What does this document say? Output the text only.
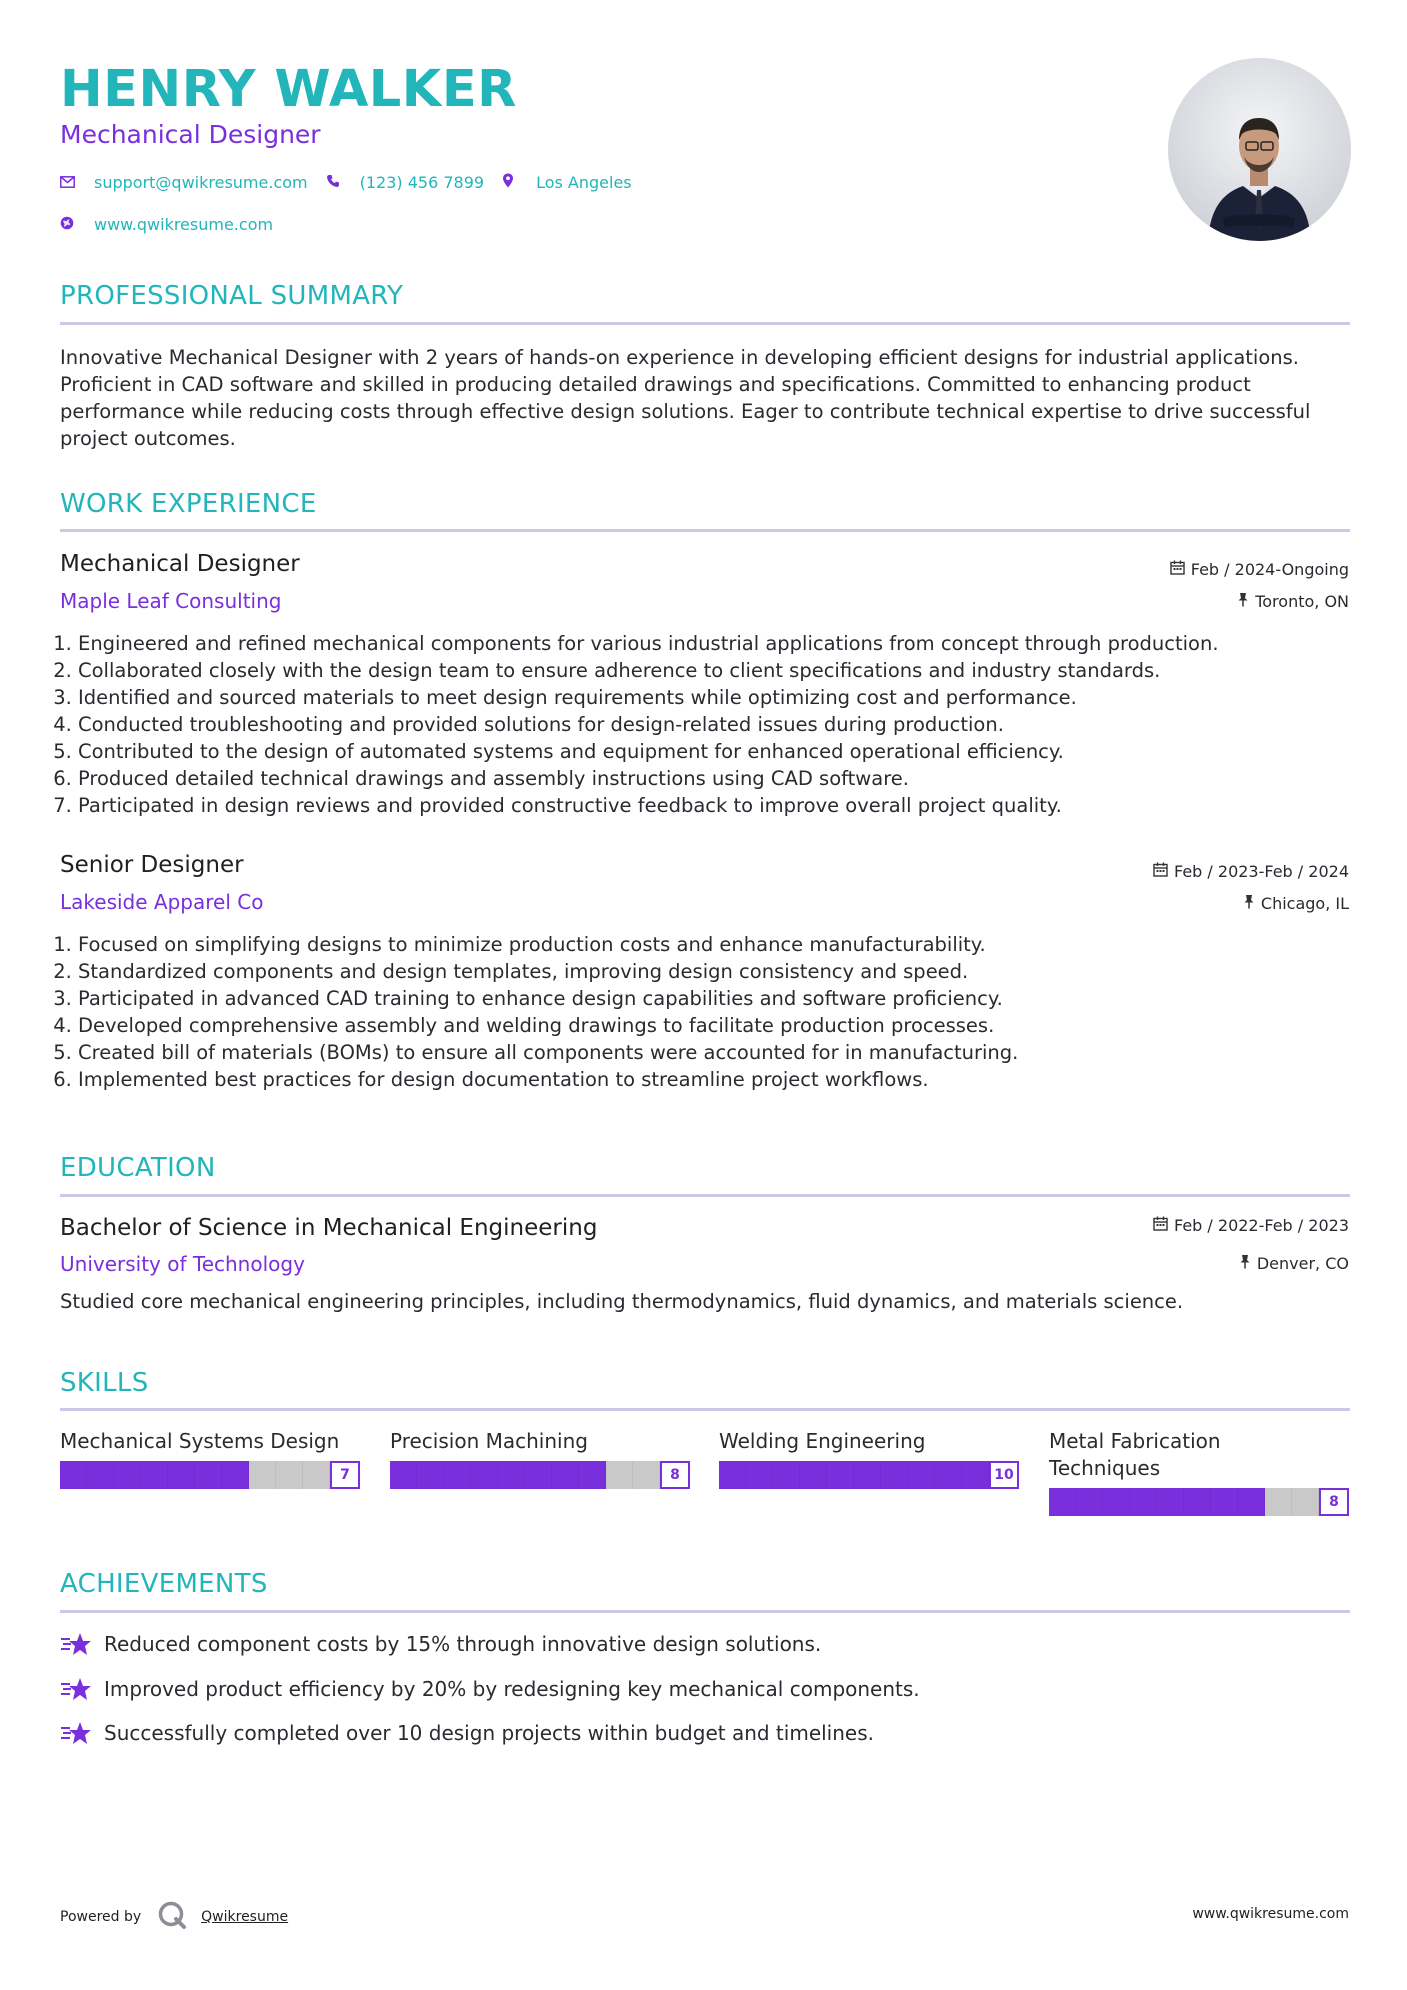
HENRY WALKER
Mechanical Designer
support@qwikresume.com	(123) 456 7899	Los Angeles
www.qwikresume.com
PROFESSIONAL SUMMARY

Innovative Mechanical Designer with 2 years of hands-on experience in developing efficient designs for industrial applications. Proficient in CAD software and skilled in producing detailed drawings and specifications. Committed to enhancing product performance while reducing costs through effective design solutions. Eager to contribute technical expertise to drive successful project outcomes.

WORK EXPERIENCE
Mechanical Designer	Feb / 2024-Ongoing
Maple Leaf Consulting	Toronto, ON
1. Engineered and refined mechanical components for various industrial applications from concept through production.
2. Collaborated closely with the design team to ensure adherence to client specifications and industry standards.
3. Identified and sourced materials to meet design requirements while optimizing cost and performance.
4. Conducted troubleshooting and provided solutions for design-related issues during production.
5. Contributed to the design of automated systems and equipment for enhanced operational efficiency.
6. Produced detailed technical drawings and assembly instructions using CAD software.
7. Participated in design reviews and provided constructive feedback to improve overall project quality.
Senior Designer	Feb / 2023-Feb / 2024
Lakeside Apparel Co	Chicago, IL
1. Focused on simplifying designs to minimize production costs and enhance manufacturability.
2. Standardized components and design templates, improving design consistency and speed.
3. Participated in advanced CAD training to enhance design capabilities and software proficiency.
4. Developed comprehensive assembly and welding drawings to facilitate production processes.
5. Created bill of materials (BOMs) to ensure all components were accounted for in manufacturing.
6. Implemented best practices for design documentation to streamline project workflows.
EDUCATION
Bachelor of Science in Mechanical Engineering	Feb / 2022-Feb / 2023
University of Technology	Denver, CO

Studied core mechanical engineering principles, including thermodynamics, fluid dynamics, and materials science.

SKILLS
Mechanical Systems Design
7
Precision Machining
8
Welding Engineering
10
Metal Fabrication Techniques
8
ACHIEVEMENTS
Reduced component costs by 15% through innovative design solutions.
Improved product efficiency by 20% by redesigning key mechanical components.
Successfully completed over 10 design projects within budget and timelines.
Powered by	Qwikresume	www.qwikresume.com
